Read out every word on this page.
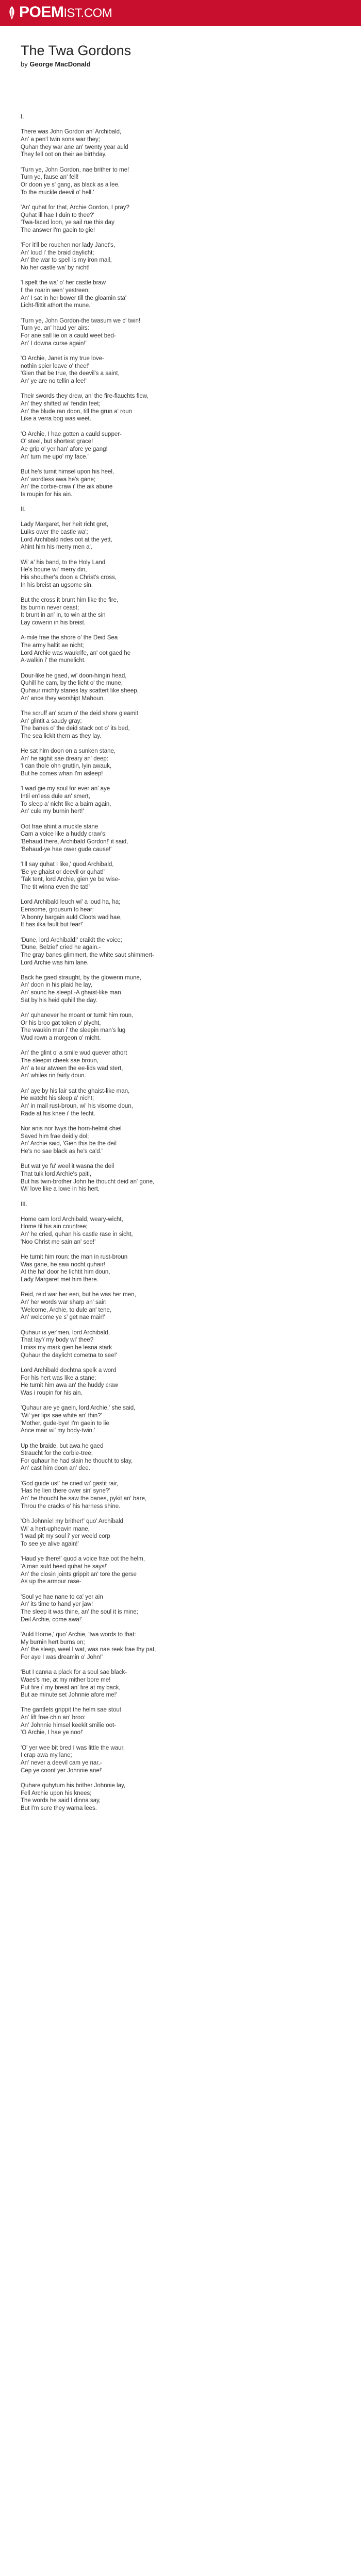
POEMIST.COM
The Twa Gordons

by George MacDonald

I.
There was John Gordon an' Archibald,
An' a pen'l twin sons war they;
Quhan they war ane an' twenty year auld
They fell oot on their ae birthday.
'Turn ye, John Gordon, nae brither to me!
Turn ye, fause an' fell!
Or doon ye s' gang, as black as a lee,
To the muckle deevil o' hell.'
'An' quhat for that, Archie Gordon, I pray?
Quhat ill hae I duin to thee?'
'Twa-faced loon, ye sail rue this day
The answer I'm gaein to gie!
'For it'll be rouchen nor lady Janet's,
An' loud i' the braid daylicht;
An' the war to spell is my iron mail,
No her castle wa' by nicht!
'I spelt the wa' o' her castle braw
I' the roarin wen' yestreen;
An' I sat in her bower till the gloamin sta'
Licht-flittit athort the mune.'
'Turn ye, John Gordon-the twasum we c' twin!
Turn ye, an' haud yer airs:
For ane sall lie on a cauld weet bed-
An' I downa curse again!'
'O Archie, Janet is my true love-
nothin spier leave o' thee!'
'Gien that be true, the deevil's a saint,
An' ye are no tellin a lee!'
Their swords they drew, an' the fire-flauchts flew,
An' they shifted wi' fendin feet;
An' the blude ran doon, till the grun a' roun
Like a verra bog was weet.
'O Archie, I hae gotten a cauld supper-
O' steel, but shortest grace!
Ae grip o' yer han' afore ye gang!
An' turn me upo' my face.'
But he's turnit himsel upon his heel,
An' wordless awa he's gane;
An' the corbie-craw i' the aik abune
Is roupin for his ain.
II.
Lady Margaret, her heit richt gret,
Luiks ower the castle wa';
Lord Archibald rides oot at the yett,
Ahint him his merry men a'.
Wi' a' his band, to the Holy Land
He's boune wi' merry din,
His shouther's doon a Christ's cross,
In his breist an ugsome sin.
But the cross it brunt him like the fire,
Its burnin never ceast;
It brunt in an' in, to win at the sin
Lay cowerin in his breist.
A-mile frae the shore o' the Deid Sea
The army haltit ae nicht;
Lord Archie was waukrife, an' oot gaed he
A-walkin i' the munelicht.
Dour-like he gaed, wi' doon-hingin head,
Quhill he cam, by the licht o' the mune,
Quhaur michty stanes lay scattert like sheep,
An' ance they worshipt Mahoun.
The scruff an' scum o' the deid shore gleamit
An' glintit a saudy gray;
The banes o' the deid stack oot o' its bed,
The sea lickit them as they lay.
He sat him doon on a sunken stane,
An' he sighit sae dreary an' deep:
'I can thole ohn gruttin, lyin awauk,
But he comes whan I'm asleep!
'I wad gie my soul for ever an' aye
Intil en'less dule an' smert,
To sleep a' nicht like a bairn again,
An' cule my burnin hert!'
Oot frae ahint a muckle stane
Cam a voice like a huddy craw's:
'Behaud there, Archibald Gordon!' it said,
'Behaud-ye hae ower gude cause!'
'I'll say quhat I like,' quod Archibald,
'Be ye ghaist or deevil or quhat!'
'Tak tent, lord Archie, gien ye be wise-
The tit winna even the tat!'
Lord Archibald leuch wi' a loud ha, ha;
Eerisome, grousum to hear:
'A bonny bargain auld Cloots wad hae,
It has ilka fault but fear!'
'Dune, lord Archibald!' craikit the voice;
'Dune, Belzie!' cried he again.-
The gray banes glimmert, the white saut shimmert-
Lord Archie was him lane.
Back he gaed straught, by the glowerin mune,
An' doon in his plaid he lay,
An' sounc he sleept.-A ghaist-like man
Sat by his heid quhill the day.
An' quhanever he moant or turnit him roun,
Or his broo gat token o' plycht,
The waukin man i' the sleepin man's lug
Wud rown a morgeon o' micht.
An' the glint o' a smile wud quever athort
The sleepin cheek sae broun,
An' a tear atween the ee-lids wad stert,
An' whiles rin fairly doun.
An' aye by his lair sat the ghaist-like man,
He watcht his sleep a' nicht;
An' in mail rust-broun, wi' his visorne doun,
Rade at his knee i' the fecht.
Nor anis nor twys the horn-helmit chiel
Saved him frae deidly dol;
An' Archie said, 'Gien this be the deil
He's no sae black as he's ca'd.'
But wat ye fu' weel it wasna the deil
That tuik lord Archie's paitl,
But his twin-brother John he thoucht deid an' gone,
Wi' love like a lowe in his hert.
III.
Home cam lord Archibald, weary-wicht,
Home til his ain countree;
An' he cried, quhan his castle rase in sicht,
'Noo Christ me sain an' see!'
He turnit him roun: the man in rust-broun
Was gane, he saw nocht quhair!
At the ha' door he lichtit him doun,
Lady Margaret met him there.
Reid, reid war her een, but he was her men,
An' her words war sharp an' sair:
'Welcome, Archie, to dule an' tene,
An' welcome ye s' get nae mair!'
Quhaur is yer'men, lord Archibald,
That lay'/ my body wi' thee?
I miss my mark gien he lesna stark
Quhaur the daylicht cometna to see!'
Lord Archibald dochtna spelk a word
For his hert was like a stane;
He turnit him awa an' the huddy craw
Was i roupin for his ain.
'Quhaur are ye gaein, lord Archie,' she said,
'Wi' yer lips sae white an' thin?'
'Mother, gude-bye! I'm gaein to lie
Ance mair wi' my body-twin.'
Up the braide, but awa he gaed
Straucht for the corbie-tree;
For quhaur he had slain he thoucht to slay,
An' cast him doon an' dee.
'God guide us!' he cried wi' gastit rair,
'Has he lien there ower sin' syne?'
An' he thoucht he saw the banes, pykit an' bare,
Throu the cracks o' his harness shine.
'Oh Johnnie! my brither!' quo' Archibald
Wi' a hert-upheavin mane,
'I wad pit my soul i' yer weeld corp
To see ye alive again!'
'Haud ye there!' quod a voice frae oot the helm,
'A man suld heed quhat he says!'
An' the closin joints grippit an' tore the gerse
As up the armour rase-
'Soul ye hae nane to ca' yer ain
An' its time to hand yer jaw!
The sleep it was thine, an' the soul it is mine;
Deil Archie, come awa!'
'Auld Horne,' quo' Archie, 'twa words to that:
My burnin hert burns on;
An' the sleep, weel I wat, was nae reek frae thy pat,
For aye I was dreamin o' John!'
'But I canna a plack for a soul sae black-
Waes's me, at my mither bore me!
Put fire i' my breist an' fire at my back,
But ae minute set Johnnie afore me!'
The gantlets grippit the helm sae stout
An' lift frae chin an' broo:
An' Johnnie himsel keekit smilie oot-
'O Archie, I hae ye noo!'
'O' yer wee bit bred I was little the waur,
I crap awa my lane;
An' never a deevil cam ye nar,-
Cep ye coont yer Johnnie ane!'
Quhare quhytum his brither Johnnie lay,
Fell Archie upon his knees;
The words he said I dinna say,
But I'm sure they warna lees.
